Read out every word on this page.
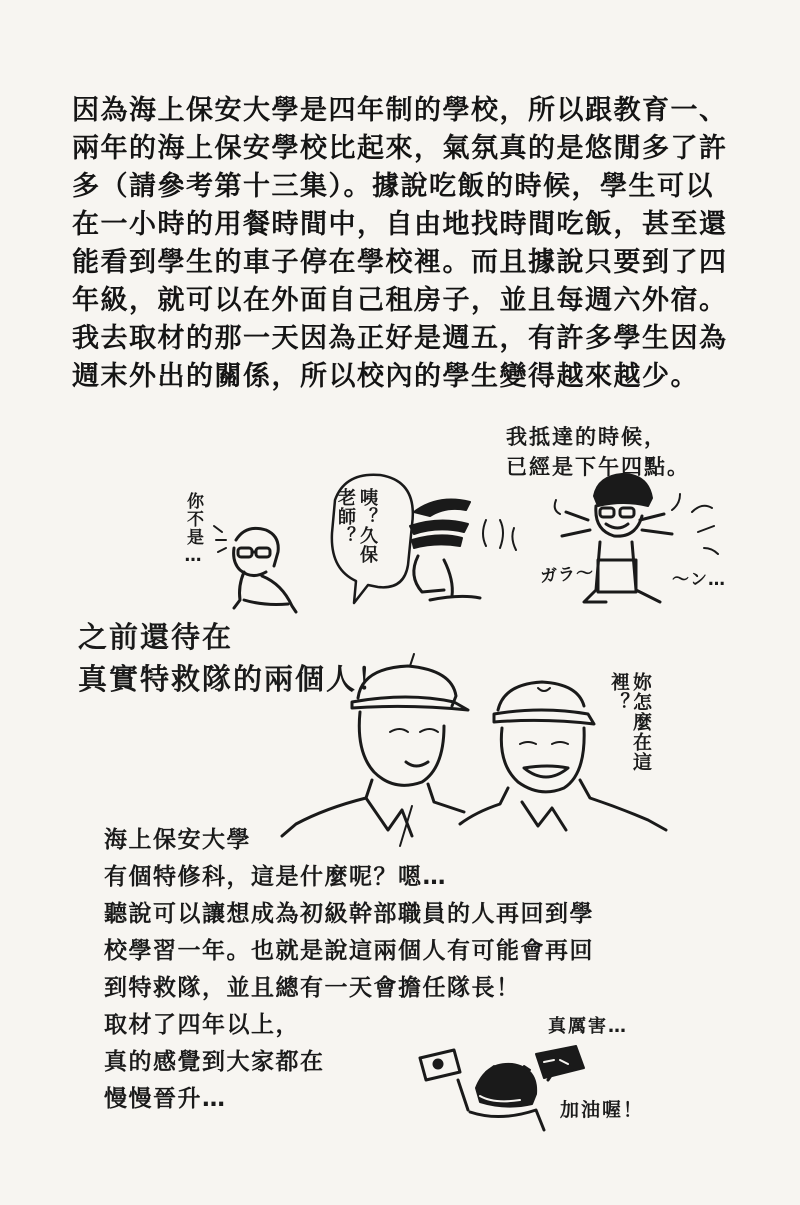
因為海上保安大學是四年制的學校，所以跟教育一、
兩年的海上保安學校比起來，氣氛真的是悠閒多了許
多（請參考第十三集）。據說吃飯的時候，學生可以
在一小時的用餐時間中，自由地找時間吃飯，甚至還
能看到學生的車子停在學校裡。而且據說只要到了四
年級，就可以在外面自己租房子，並且每週六外宿。
我去取材的那一天因為正好是週五，有許多學生因為
週末外出的關係，所以校內的學生變得越來越少。
我抵達的時候，
已經是下午四點。
你不是…	咦？久保老師？
ガラ〜	〜ン…
之前還待在
真實特救隊的兩個人！	妳怎麼在這裡？
海上保安大學
有個特修科，這是什麼呢？嗯…
聽說可以讓想成為初級幹部職員的人再回到學
校學習一年。也就是說這兩個人有可能會再回
到特救隊，並且總有一天會擔任隊長！
取材了四年以上，
真的感覺到大家都在
慢慢晉升…
真厲害…
加油喔！
